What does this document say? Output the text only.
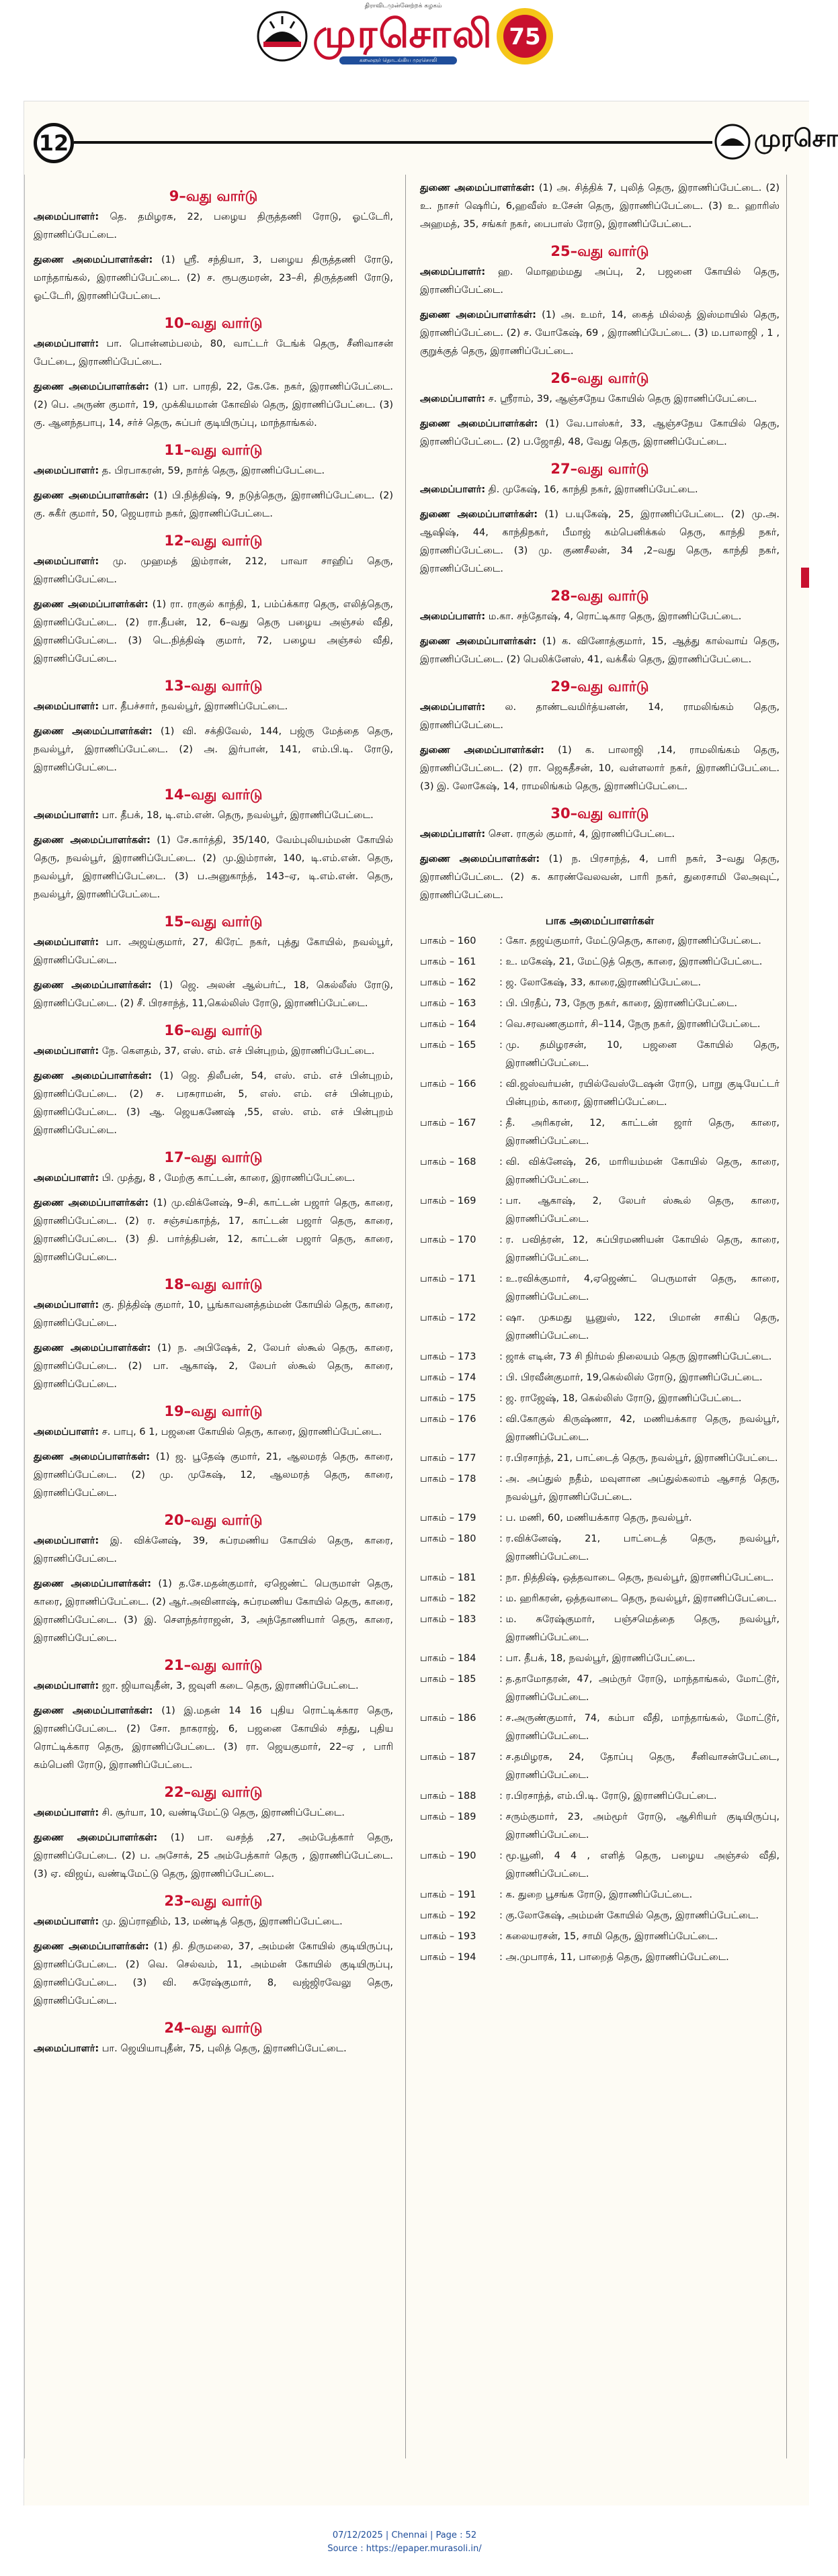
திராவிடமுன்னேற்றக் கழகம்
முரசொலி
கலைஞர் தொடங்கிய முரசொலி
75
12	முரசொ
9–வது வார்டு
அமைப்பாளர்: தெ. தமிழரசு, 22, பழைய திருத்தணி ரோடு, ஓட்டேரி, இராணிப்பேட்டை.
துணை அமைப்பாளர்கள்: (1) ஸ்ரீ. சந்தியா, 3, பழைய திருத்தணி ரோடு, மாந்தாங்கல், இராணிப்பேட்டை. (2) ச. ரூபகுமரன், 23–சி, திருத்தணி ரோடு, ஓட்டேரி, இராணிப்பேட்டை.
10–வது வார்டு
அமைப்பாளர்: பா. பொன்னம்பலம், 80, வாட்டர் டேங்க் தெரு, சீனிவாசன் பேட்டை, இராணிப்பேட்டை.
துணை அமைப்பாளர்கள்: (1) பா. பாரதி, 22, கே.கே. நகர், இராணிப்பேட்டை. (2) பெ. அருண் குமார், 19, முக்கியமான் கோவில் தெரு, இராணிப்பேட்டை. (3) கு. ஆனந்தபாபு, 14, சர்ச் தெரு, சுப்பர் குடியிருப்பு, மாந்தாங்கல்.
11–வது வார்டு
அமைப்பாளர்: த. பிரபாகரன், 59, நார்த் தெரு, இராணிப்பேட்டை.
துணை அமைப்பாளர்கள்: (1) பி.நித்திஷ், 9, நடுத்தெரு, இராணிப்பேட்டை. (2) கு. சுகீர் குமார், 50, ஜெயராம் நகர், இராணிப்பேட்டை.
12–வது வார்டு
அமைப்பாளர்: மு. முஹமத் இம்ரான், 212, பாவா சாஹிப் தெரு, இராணிப்பேட்டை.
துணை அமைப்பாளர்கள்: (1) ரா. ராகுல் காந்தி, 1, பம்ப்க்கார தெரு, எலித்தெரு, இராணிப்பேட்டை. (2) ரா.தீபன், 12, 6–வது தெரு பழைய அஞ்சல் வீதி, இராணிப்பேட்டை. (3) டெ.நித்திஷ் குமார், 72, பழைய அஞ்சல் வீதி, இராணிப்பேட்டை.
13–வது வார்டு
அமைப்பாளர்: பா. தீபச்சார், நவல்பூர், இராணிப்பேட்டை.
துணை அமைப்பாளர்கள்: (1) வி. சக்திவேல், 144, பஜ்ரு மேத்தை தெரு, நவல்பூர், இராணிப்பேட்டை. (2) அ. இர்பான், 141, எம்.பி.டி. ரோடு, இராணிப்பேட்டை.
14–வது வார்டு
அமைப்பாளர்: பா. தீபக், 18, டி.எம்.என். தெரு, நவல்பூர், இராணிப்பேட்டை.
துணை அமைப்பாளர்கள்: (1) சே.கார்த்தி, 35/140, வேம்புலியம்மன் கோயில் தெரு, நவல்பூர், இராணிப்பேட்டை. (2) மு.இம்ரான், 140, டி.எம்.என். தெரு, நவல்பூர், இராணிப்பேட்டை. (3) ப.அனுகாந்த், 143–ஏ, டி.எம்.என். தெரு, நவல்பூர், இராணிப்பேட்டை.
15–வது வார்டு
அமைப்பாளர்: பா. அஜய்குமார், 27, கிரேட் நகர், புத்து கோயில், நவல்பூர், இராணிப்பேட்டை.
துணை அமைப்பாளர்கள்: (1) ஜெ. அலன் ஆல்பர்ட், 18, கெல்லீஸ் ரோடு, இராணிப்பேட்டை. (2) சீ. பிரசாந்த், 11,கெல்லிஸ் ரோடு, இராணிப்பேட்டை.
16–வது வார்டு
அமைப்பாளர்: நே. கௌதம், 37, எஸ். எம். எச் பின்புறம், இராணிப்பேட்டை.
துணை அமைப்பாளர்கள்: (1) ஜெ. திலீபன், 54, எஸ். எம். எச் பின்புறம், இராணிப்பேட்டை. (2) ச. பரசுராமன், 5, எஸ். எம். எச் பின்புறம், இராணிப்பேட்டை. (3) ஆ. ஜெயகணேஷ் ,55, எஸ். எம். எச் பின்புறம் இராணிப்பேட்டை.
17–வது வார்டு
அமைப்பாளர்: பி. முத்து, 8 , மேற்கு காட்டன், காரை, இராணிப்பேட்டை.
துணை அமைப்பாளர்கள்: (1) மு.விக்னேஷ், 9–சி, காட்டன் பஜார் தெரு, காரை, இராணிப்பேட்டை. (2) ர. சஞ்சய்காந்த், 17, காட்டன் பஜார் தெரு, காரை, இராணிப்பேட்டை. (3) தி. பார்த்திபன், 12, காட்டன் பஜார் தெரு, காரை, இராணிப்பேட்டை.
18–வது வார்டு
அமைப்பாளர்: கு. நித்திஷ் குமார், 10, பூங்காவனத்தம்மன் கோயில் தெரு, காரை, இராணிப்பேட்டை.
துணை அமைப்பாளர்கள்: (1) ந. அபிஷேக், 2, லேபர் ஸ்கூல் தெரு, காரை, இராணிப்பேட்டை. (2) பா. ஆகாஷ், 2, லேபர் ஸ்கூல் தெரு, காரை, இராணிப்பேட்டை.
19–வது வார்டு
அமைப்பாளர்: ச. பாபு, 6 1, பஜனை கோயில் தெரு, காரை, இராணிப்பேட்டை.
துணை அமைப்பாளர்கள்: (1) ஜ. பூதேஷ் குமார், 21, ஆலமரத் தெரு, காரை, இராணிப்பேட்டை. (2) மு. முகேஷ், 12, ஆலமரத் தெரு, காரை, இராணிப்பேட்டை.
20–வது வார்டு
அமைப்பாளர்: இ. விக்னேஷ், 39, சுப்ரமணிய கோயில் தெரு, காரை, இராணிப்பேட்டை.
துணை அமைப்பாளர்கள்: (1) த.சே.மதன்குமார், ஏஜெண்ட் பெருமாள் தெரு, காரை, இராணிப்பேட்டை. (2) ஆர்.அவினாஷ், சுப்ரமணிய கோயில் தெரு, காரை, இராணிப்பேட்டை. (3) இ. சௌந்தர்ராஜன், 3, அந்தோணியார் தெரு, காரை, இராணிப்பேட்டை.
21–வது வார்டு
அமைப்பாளர்: ஜா. ஜியாவுதீன், 3, ஜவுளி கடை தெரு, இராணிப்பேட்டை.
துணை அமைப்பாளர்கள்: (1) இ.மதன் 14 16 புதிய ரொட்டிக்கார தெரு, இராணிப்பேட்டை. (2) சோ. நாகராஜ், 6, பஜனை கோயில் சந்து, புதிய ரொட்டிக்கார தெரு, இராணிப்பேட்டை. (3) ரா. ஜெயகுமார், 22–ஏ , பாரி கம்பெனி ரோடு, இராணிப்பேட்டை.
22–வது வார்டு
அமைப்பாளர்: சி. சூர்யா, 10, வண்டிமேட்டு தெரு, இராணிப்பேட்டை.
துணை அமைப்பாளர்கள்: (1) பா. வசந்த் ,27, அம்பேத்கார் தெரு, இராணிப்பேட்டை. (2) ப. அசோக், 25 அம்பேத்கார் தெரு , இராணிப்பேட்டை. (3) ஏ. விஜய், வண்டிமேட்டு தெரு, இராணிப்பேட்டை.
23–வது வார்டு
அமைப்பாளர்: மு. இப்ராஹிம், 13, மண்டித் தெரு, இராணிப்பேட்டை.
துணை அமைப்பாளர்கள்: (1) தி. திருமலை, 37, அம்மன் கோயில் குடியிருப்பு, இராணிப்பேட்டை. (2) வெ. செல்வம், 11, அம்மன் கோயில் குடியிருப்பு, இராணிப்பேட்டை. (3) வி. சுரேஷ்குமார், 8, வஜ்ஜிரவேலு தெரு, இராணிப்பேட்டை.
24–வது வார்டு
அமைப்பாளர்: பா. ஜெயியாபுதீன், 75, புலித் தெரு, இராணிப்பேட்டை.
துணை அமைப்பாளர்கள்: (1) அ. சித்திக் 7, புலித் தெரு, இராணிப்பேட்டை. (2) உ. நாசர் ஷெரிப், 6,ஹவீஸ் உசேன் தெரு, இராணிப்பேட்டை. (3) உ. ஹாரிஸ் அஹமத், 35, சங்கர் நகர், பைபாஸ் ரோடு, இராணிப்பேட்டை.
25–வது வார்டு
அமைப்பாளர்: ஹ. மொஹம்மது அப்பு, 2, பஜனை கோயில் தெரு, இராணிப்பேட்டை.
துணை அமைப்பாளர்கள்: (1) அ. உமர், 14, கைத் மில்லத் இஸ்மாயில் தெரு, இராணிப்பேட்டை. (2) ச. யோகேஷ், 69 , இராணிப்பேட்டை. (3) ம.பாலாஜி , 1 , குறுக்குத் தெரு, இராணிப்பேட்டை.
26–வது வார்டு
அமைப்பாளர்: ச. ஸ்ரீராம், 39, ஆஞ்சநேய கோயில் தெரு இராணிப்பேட்டை.
துணை அமைப்பாளர்கள்: (1) வே.பாஸ்கர், 33, ஆஞ்சநேய கோயில் தெரு, இராணிப்பேட்டை. (2) ப.ஜோதி, 48, வேது தெரு, இராணிப்பேட்டை.
27–வது வார்டு
அமைப்பாளர்: தி. முகேஷ், 16, காந்தி நகர், இராணிப்பேட்டை.
துணை அமைப்பாளர்கள்: (1) ப.யுகேஷ், 25, இராணிப்பேட்டை. (2) மு.அ. ஆஷிஷ், 44, காந்திநகர், பீமாஜ் கம்பெனிக்கல் தெரு, காந்தி நகர், இராணிப்பேட்டை. (3) மு. குணசீலன், 34 ,2–வது தெரு, காந்தி நகர், இராணிப்பேட்டை.
28–வது வார்டு
அமைப்பாளர்: ம.கா. சந்தோஷ், 4, ரொட்டிகார தெரு, இராணிப்பேட்டை.
துணை அமைப்பாளர்கள்: (1) க. வினோத்குமார், 15, ஆத்து கால்வாய் தெரு, இராணிப்பேட்டை. (2) பெலிக்னேஸ், 41, வக்கீல் தெரு, இராணிப்பேட்டை.
29–வது வார்டு
அமைப்பாளர்: ல. தாண்டவமிர்த்யனன், 14, ராமலிங்கம் தெரு, இராணிப்பேட்டை.
துணை அமைப்பாளர்கள்: (1) க. பாலாஜி ,14, ராமலிங்கம் தெரு, இராணிப்பேட்டை. (2) ரா. ஜெகதீசன், 10, வள்ளலார் நகர், இராணிப்பேட்டை. (3) இ. லோகேஷ், 14, ராமலிங்கம் தெரு, இராணிப்பேட்டை.
30–வது வார்டு
அமைப்பாளர்: சௌ. ராகுல் குமார், 4, இராணிப்பேட்டை.
துணை அமைப்பாளர்கள்: (1) ந. பிரசாந்த், 4, பாரி நகர், 3–வது தெரு, இராணிப்பேட்டை. (2) க. காரண்வேலவன், பாரி நகர், துரைசாமி லேஅவுட், இராணிப்பேட்டை.
பாக அமைப்பாளர்கள்
பாகம் – 160	: கோ. தஜய்குமார், மேட்டுதெரு, காரை, இராணிப்பேட்டை.
பாகம் – 161	: உ. மகேஷ், 21, மேட்டுத் தெரு, காரை, இராணிப்பேட்டை.
பாகம் – 162	: ஜ. லோகேஷ், 33, காரை,இராணிப்பேட்டை.
பாகம் – 163	: பி. பிரதீப், 73, நேரு நகர், காரை, இராணிப்பேட்டை.
பாகம் – 164	: வெ.சரவணகுமார், சி–114, நேரு நகர், இராணிப்பேட்டை.
பாகம் – 165	: மு. தமிழரசன், 10, பஜனை கோயில் தெரு, இராணிப்பேட்டை.
பாகம் – 166	: வி.ஜஸ்வர்யன், ரயில்வேஸ்டேஷன் ரோடு, பாறு குடியேட்டர் பின்புறம், காரை, இராணிப்பேட்டை.
பாகம் – 167	: தீ. அரிகரன், 12, காட்டன் ஜார் தெரு, காரை, இராணிப்பேட்டை.
பாகம் – 168	: வி. விக்னேஷ், 26, மாரியம்மன் கோயில் தெரு, காரை, இராணிப்பேட்டை.
பாகம் – 169	: பா. ஆகாஷ், 2, லேபர் ஸ்கூல் தெரு, காரை, இராணிப்பேட்டை.
பாகம் – 170	: ர. பவித்ரன், 12, சுப்பிரமணியன் கோயில் தெரு, காரை, இராணிப்பேட்டை.
பாகம் – 171	: உ.ரவிக்குமார், 4,ஏஜெண்ட் பெருமாள் தெரு, காரை, இராணிப்பேட்டை.
பாகம் – 172	: ஷா. முகமது யூனுஸ், 122, பிமான் சாகிப் தெரு, இராணிப்பேட்டை.
பாகம் – 173	: ஜாக் எடின், 73 சி நிர்மல் நிலையம் தெரு இராணிப்பேட்டை.
பாகம் – 174	: பி. பிரவீன்குமார், 19,கெல்லிஸ் ரோடு, இராணிப்பேட்டை.
பாகம் – 175	: ஜ. ராஜேஷ், 18, கெல்லிஸ் ரோடு, இராணிப்பேட்டை.
பாகம் – 176	: வி.கோகுல் கிருஷ்ணா, 42, மணியக்கார தெரு, நவல்பூர், இராணிப்பேட்டை.
பாகம் – 177	: ர.பிரசாந்த், 21, பாட்டைத் தெரு, நவல்பூர், இராணிப்பேட்டை.
பாகம் – 178	: அ. அப்துல் நதீம், மவுளான அப்துல்கலாம் ஆசாத் தெரு, நவல்பூர், இராணிப்பேட்டை.
பாகம் – 179	: ப. மணி, 60, மணியக்கார தெரு, நவல்பூர்.
பாகம் – 180	: ர.விக்னேஷ், 21, பாட்டைத் தெரு, நவல்பூர், இராணிப்பேட்டை.
பாகம் – 181	: நா. நித்திஷ், ஒத்தவாடை தெரு, நவல்பூர், இராணிப்பேட்டை.
பாகம் – 182	: ம. ஹரிகரன், ஒத்தவாடை தெரு, நவல்பூர், இராணிப்பேட்டை.
பாகம் – 183	: ம. சுரேஷ்குமார், பஞ்சமெத்தை தெரு, நவல்பூர், இராணிப்பேட்டை.
பாகம் – 184	: பா. தீபக், 18, நவல்பூர், இராணிப்பேட்டை.
பாகம் – 185	: த.தாமோதரன், 47, அம்ருர் ரோடு, மாந்தாங்கல், மோட்டூர், இராணிப்பேட்டை.
பாகம் – 186	: ச.அருண்குமார், 74, கம்பா வீதி, மாந்தாங்கல், மோட்டூர், இராணிப்பேட்டை.
பாகம் – 187	: ச.தமிழரசு, 24, தோப்பு தெரு, சீனிவாசன்பேட்டை, இராணிப்பேட்டை.
பாகம் – 188	: ர.பிரசாந்த், எம்.பி.டி. ரோடு, இராணிப்பேட்டை.
பாகம் – 189	: சரும்குமார், 23, அம்மூர் ரோடு, ஆசிரியர் குடியிருப்பு, இராணிப்பேட்டை.
பாகம் – 190	: மூ.யூனி, 4 4 , எளித் தெரு, பழைய அஞ்சல் வீதி, இராணிப்பேட்டை.
பாகம் – 191	: க. துறை பூசங்க ரோடு, இராணிப்பேட்டை.
பாகம் – 192	: கு.லோகேஷ், அம்மன் கோயில் தெரு, இராணிப்பேட்டை.
பாகம் – 193	: கலையரசன், 15, சாமி தெரு, இராணிப்பேட்டை.
பாகம் – 194	: அ.முபாரக், 11, பாறைத் தெரு, இராணிப்பேட்டை.
07/12/2025 | Chennai | Page : 52
Source : https://epaper.murasoli.in/
